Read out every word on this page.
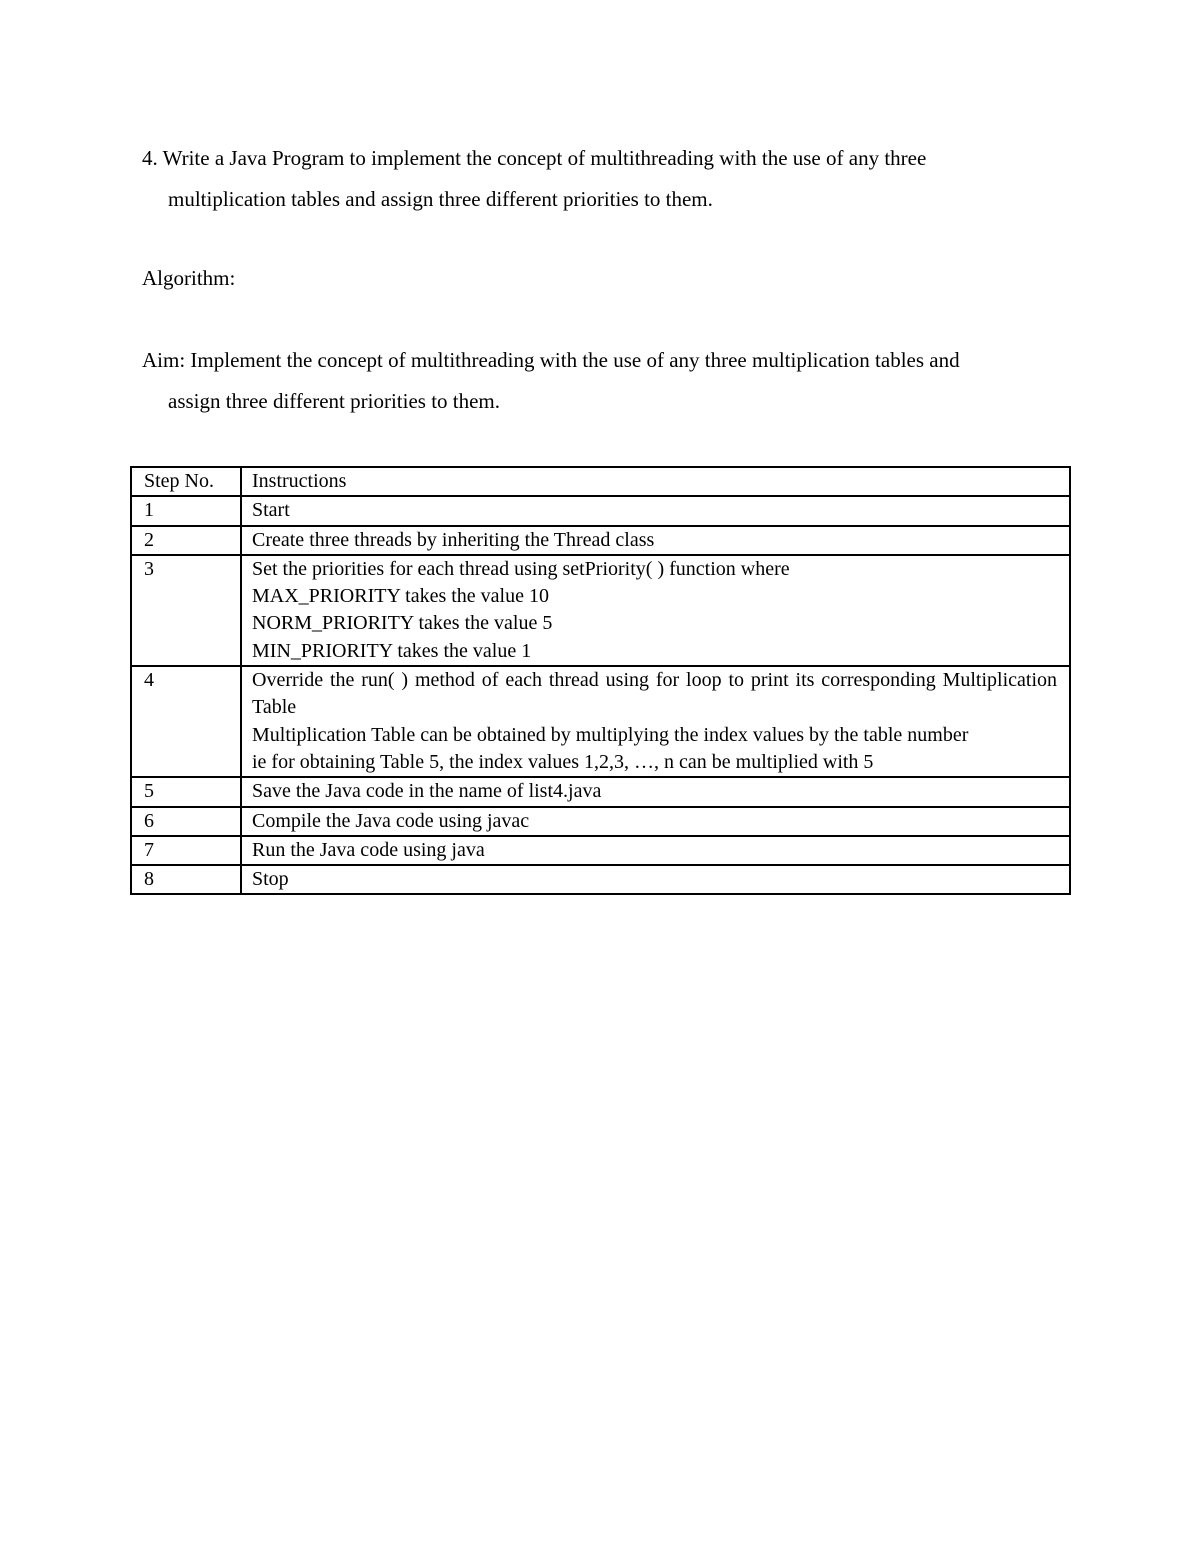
4. Write a Java Program to implement the concept of multithreading with the use of any three
multiplication tables and assign three different priorities to them.
Algorithm:
Aim: Implement the concept of multithreading with the use of any three multiplication tables and
assign three different priorities to them.
Step No.	Instructions
1	Start

2	Create three threads by inheriting the Thread class

3	Set the priorities for each thread using setPriority( ) function where
MAX_PRIORITY takes the value 10
NORM_PRIORITY takes the value 5
MIN_PRIORITY takes the value 1

4	Override the run( ) method of each thread using for loop to print its corresponding Multiplication Table
Multiplication Table can be obtained by multiplying the index values by the table number
ie for obtaining Table 5, the index values 1,2,3, …, n can be multiplied with 5

5	Save the Java code in the name of list4.java

6	Compile the Java code using javac

7	Run the Java code using java

8	Stop
